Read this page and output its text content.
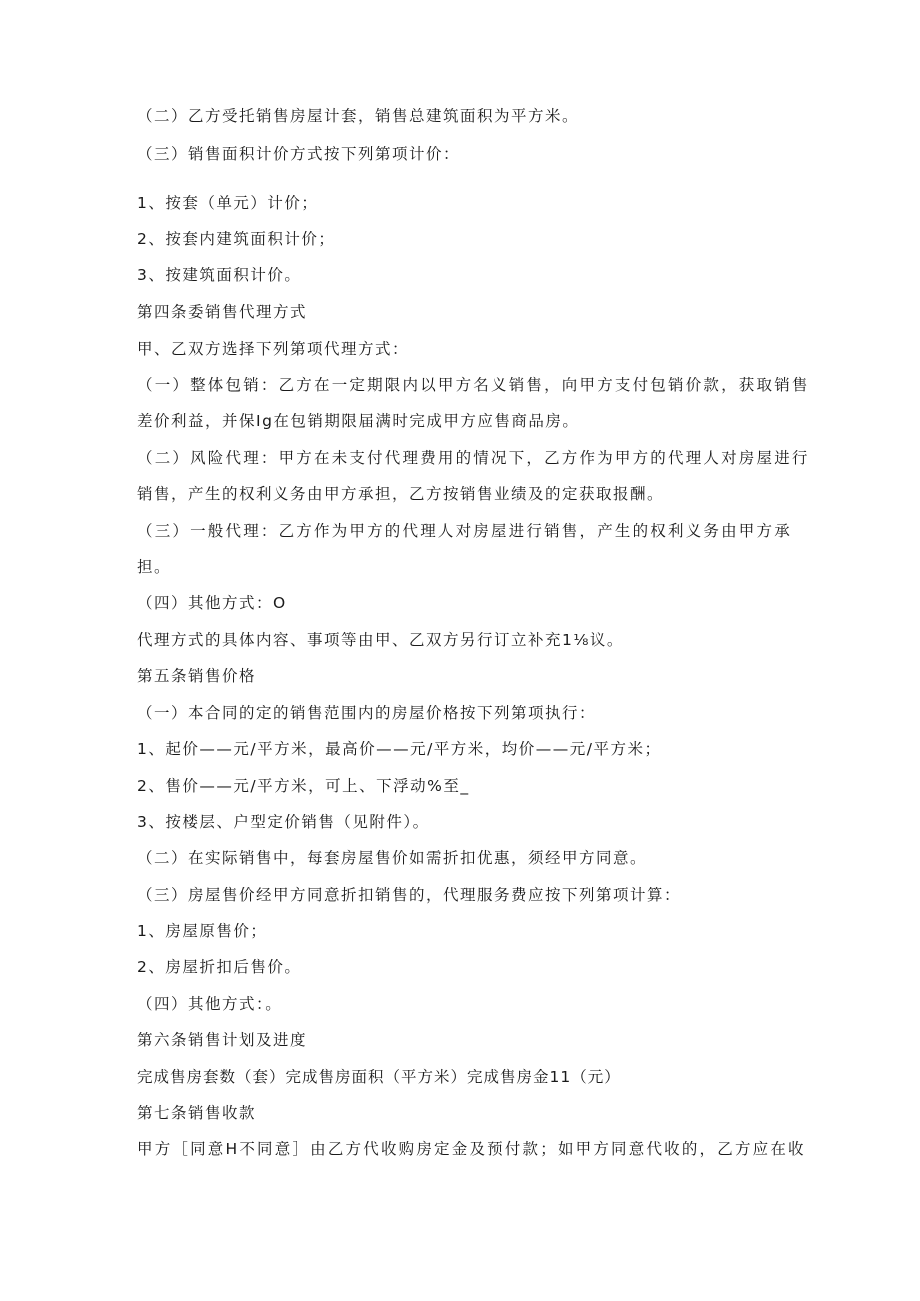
（二）乙方受托销售房屋计套，销售总建筑面积为平方米。
（三）销售面积计价方式按下列第项计价：
1、按套（单元）计价；
2、按套内建筑面积计价；
3、按建筑面积计价。
第四条委销售代理方式
甲、乙双方选择下列第项代理方式：
（一）整体包销：乙方在一定期限内以甲方名义销售，向甲方支付包销价款，获取销售
差价利益，并保Ig在包销期限届满时完成甲方应售商品房。
（二）风险代理：甲方在未支付代理费用的情况下，乙方作为甲方的代理人对房屋进行
销售，产生的权利义务由甲方承担，乙方按销售业绩及的定获取报酬。
（三）一般代理：乙方作为甲方的代理人对房屋进行销售，产生的权利义务由甲方承
担。
（四）其他方式：O
代理方式的具体内容、事项等由甲、乙双方另行订立补充1⅛议。
第五条销售价格
（一）本合同的定的销售范围内的房屋价格按下列第项执行：
1、起价——元/平方米，最高价——元/平方米，均价——元/平方米；
2、售价——元/平方米，可上、下浮动%至_
3、按楼层、户型定价销售（见附件）。
（二）在实际销售中，每套房屋售价如需折扣优惠，须经甲方同意。
（三）房屋售价经甲方同意折扣销售的，代理服务费应按下列第项计算：
1、房屋原售价；
2、房屋折扣后售价。
（四）其他方式：。
第六条销售计划及进度
完成售房套数（套）完成售房面积（平方米）完成售房金11（元）
第七条销售收款
甲方［同意H不同意］由乙方代收购房定金及预付款；如甲方同意代收的，乙方应在收
